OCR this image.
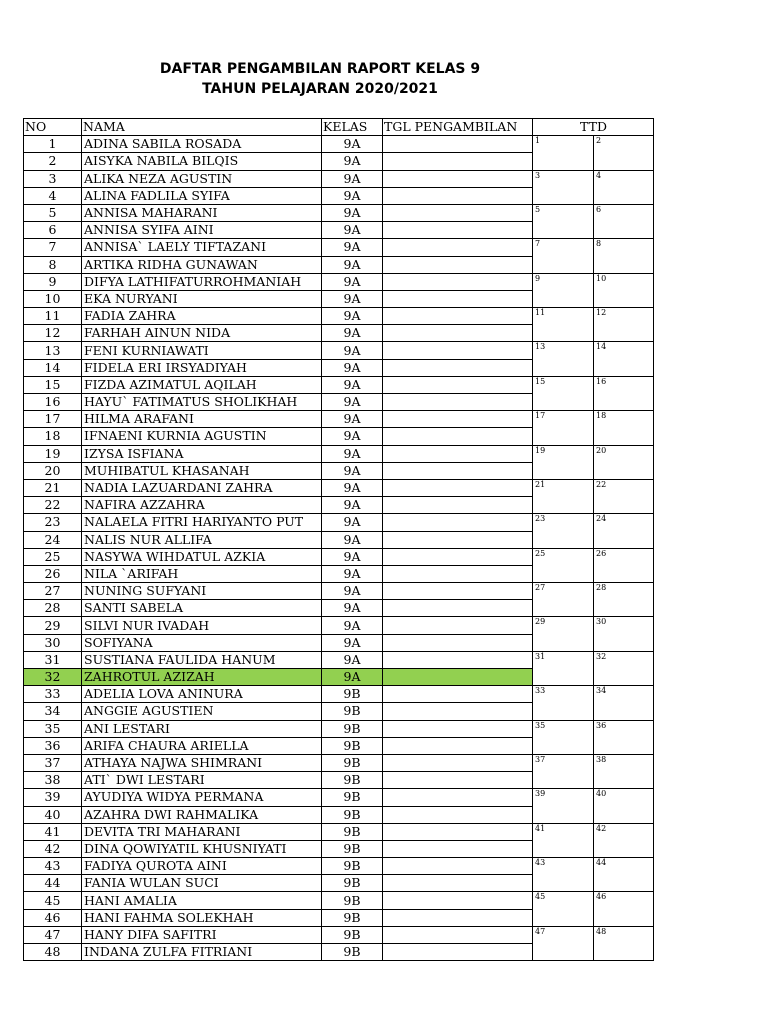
DAFTAR PENGAMBILAN RAPORT KELAS 9
TAHUN PELAJARAN 2020/2021
NO	NAMA	KELAS	TGL PENGAMBILAN	TTD	
1	ADINA SABILA ROSADA	9A		1	2
2	AISYKA NABILA BILQIS	9A			
3	ALIKA NEZA AGUSTIN	9A		3	4
4	ALINA FADLILA SYIFA	9A			
5	ANNISA MAHARANI	9A		5	6
6	ANNISA SYIFA AINI	9A			
7	ANNISA` LAELY TIFTAZANI	9A		7	8
8	ARTIKA RIDHA GUNAWAN	9A			
9	DIFYA LATHIFATURROHMANIAH	9A		9	10
10	EKA NURYANI	9A			
11	FADIA ZAHRA	9A		11	12
12	FARHAH AINUN NIDA	9A			
13	FENI KURNIAWATI	9A		13	14
14	FIDELA ERI IRSYADIYAH	9A			
15	FIZDA AZIMATUL AQILAH	9A		15	16
16	HAYU` FATIMATUS SHOLIKHAH	9A			
17	HILMA ARAFANI	9A		17	18
18	IFNAENI KURNIA AGUSTIN	9A			
19	IZYSA ISFIANA	9A		19	20
20	MUHIBATUL KHASANAH	9A			
21	NADIA LAZUARDANI ZAHRA	9A		21	22
22	NAFIRA AZZAHRA	9A			
23	NALAELA FITRI HARIYANTO PUT	9A		23	24
24	NALIS NUR ALLIFA	9A			
25	NASYWA WIHDATUL AZKIA	9A		25	26
26	NILA `ARIFAH	9A			
27	NUNING SUFYANI	9A		27	28
28	SANTI SABELA	9A			
29	SILVI NUR IVADAH	9A		29	30
30	SOFIYANA	9A			
31	SUSTIANA FAULIDA HANUM	9A		31	32
32	ZAHROTUL AZIZAH	9A			
33	ADELIA LOVA ANINURA	9B		33	34
34	ANGGIE AGUSTIEN	9B			
35	ANI LESTARI	9B		35	36
36	ARIFA CHAURA ARIELLA	9B			
37	ATHAYA NAJWA SHIMRANI	9B		37	38
38	ATI` DWI LESTARI	9B			
39	AYUDIYA WIDYA PERMANA	9B		39	40
40	AZAHRA DWI RAHMALIKA	9B			
41	DEVITA TRI MAHARANI	9B		41	42
42	DINA QOWIYATIL KHUSNIYATI	9B			
43	FADIYA QUROTA AINI	9B		43	44
44	FANIA WULAN SUCI	9B			
45	HANI AMALIA	9B		45	46
46	HANI FAHMA SOLEKHAH	9B			
47	HANY DIFA SAFITRI	9B		47	48
48	INDANA ZULFA FITRIANI	9B			
